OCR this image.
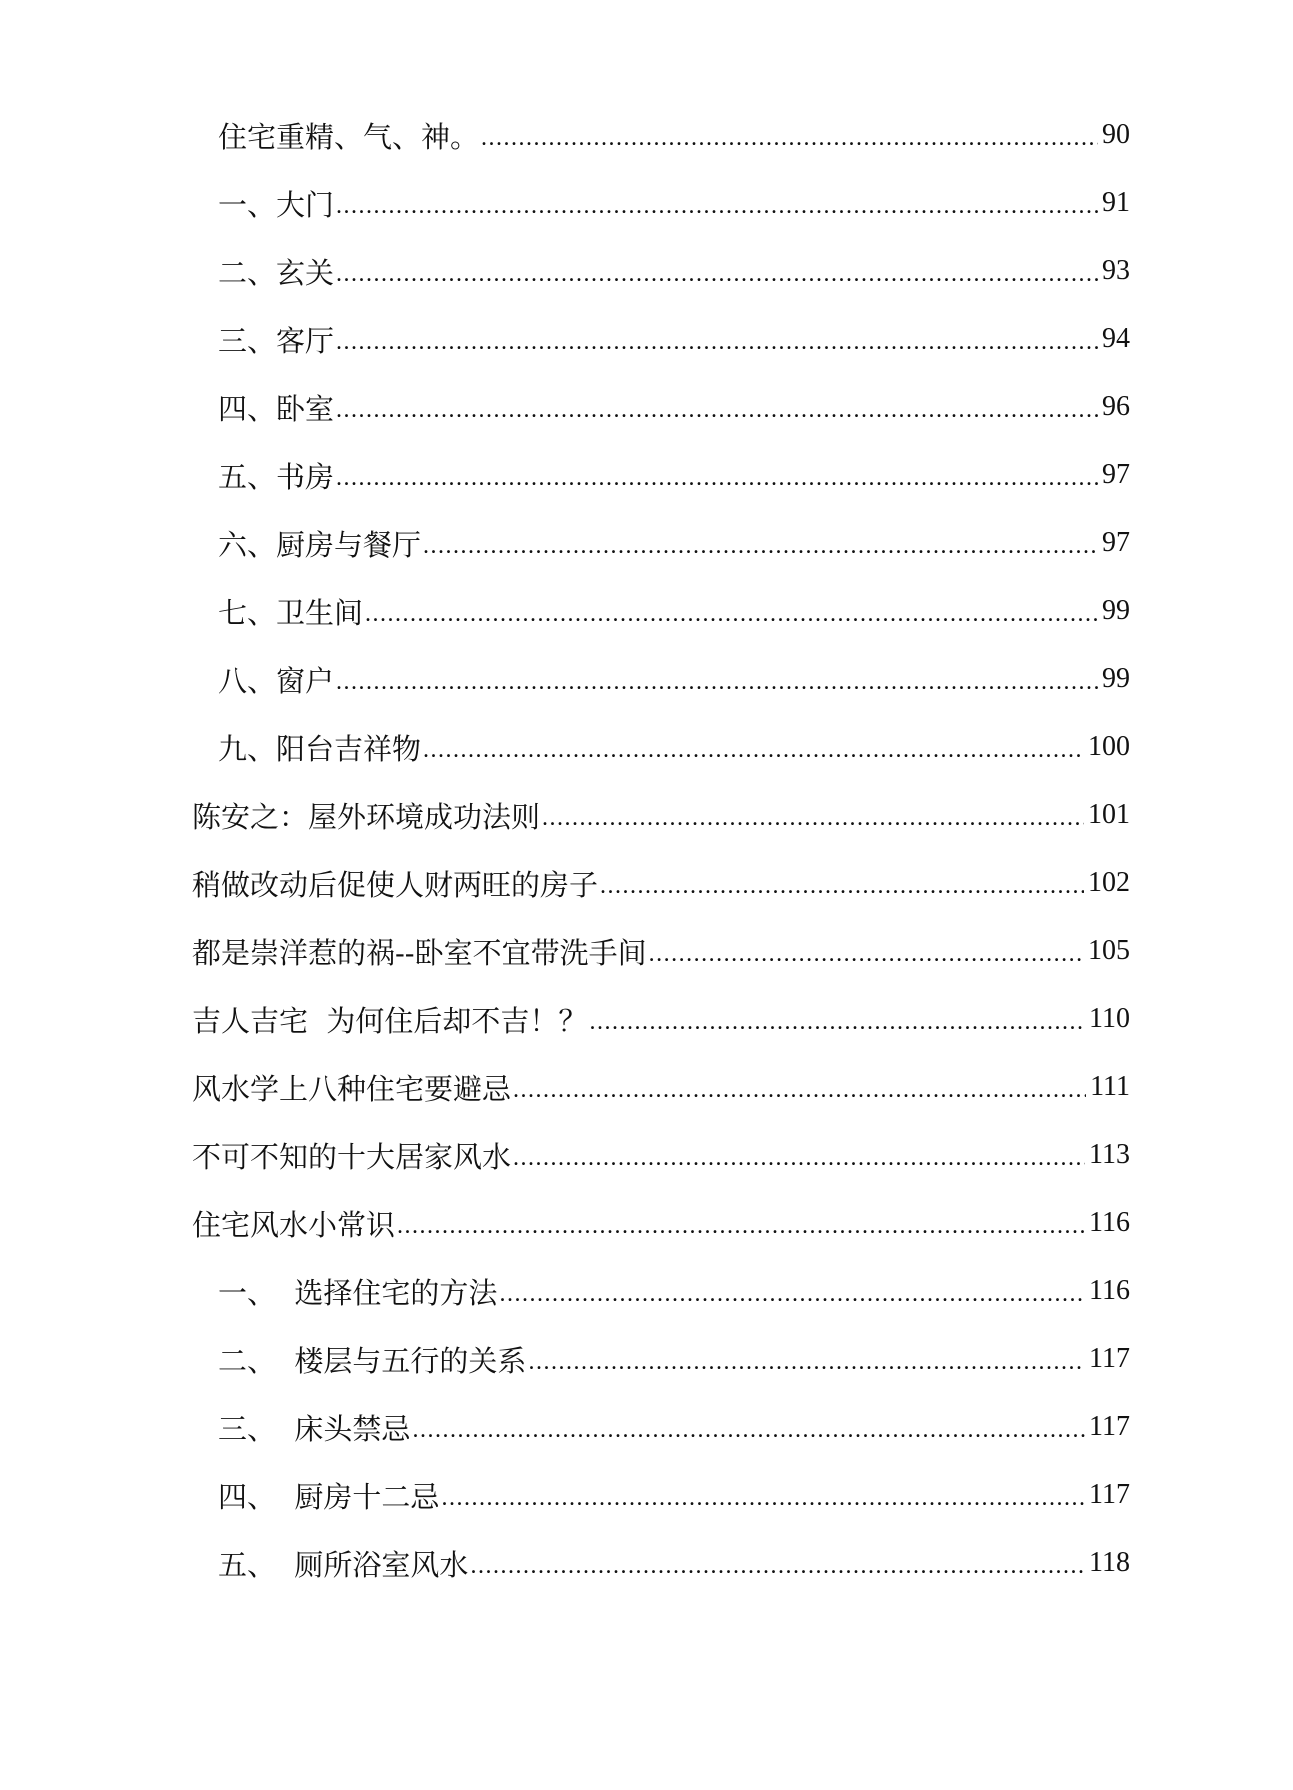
住宅重精、气、神。 .....	90
一、大门 .....	91
二、玄关 .....	93
三、客厅 .....	94
四、卧室 .....	96
五、书房 .....	97
六、厨房与餐厅 .....	97
七、卫生间 .....	99
八、窗户 .....	99
九、阳台吉祥物 .....	100
陈安之：屋外环境成功法则 .....	101
稍做改动后促使人财两旺的房子 .....	102
都是崇洋惹的祸--卧室不宜带洗手间 .....	105
吉人吉宅  为何住后却不吉！？ .....	110
风水学上八种住宅要避忌 .....	111
不可不知的十大居家风水 .....	113
住宅风水小常识 .....	116
一、  选择住宅的方法 .....	116
二、  楼层与五行的关系 .....	117
三、  床头禁忌 .....	117
四、  厨房十二忌 .....	117
五、  厕所浴室风水 .....	118
